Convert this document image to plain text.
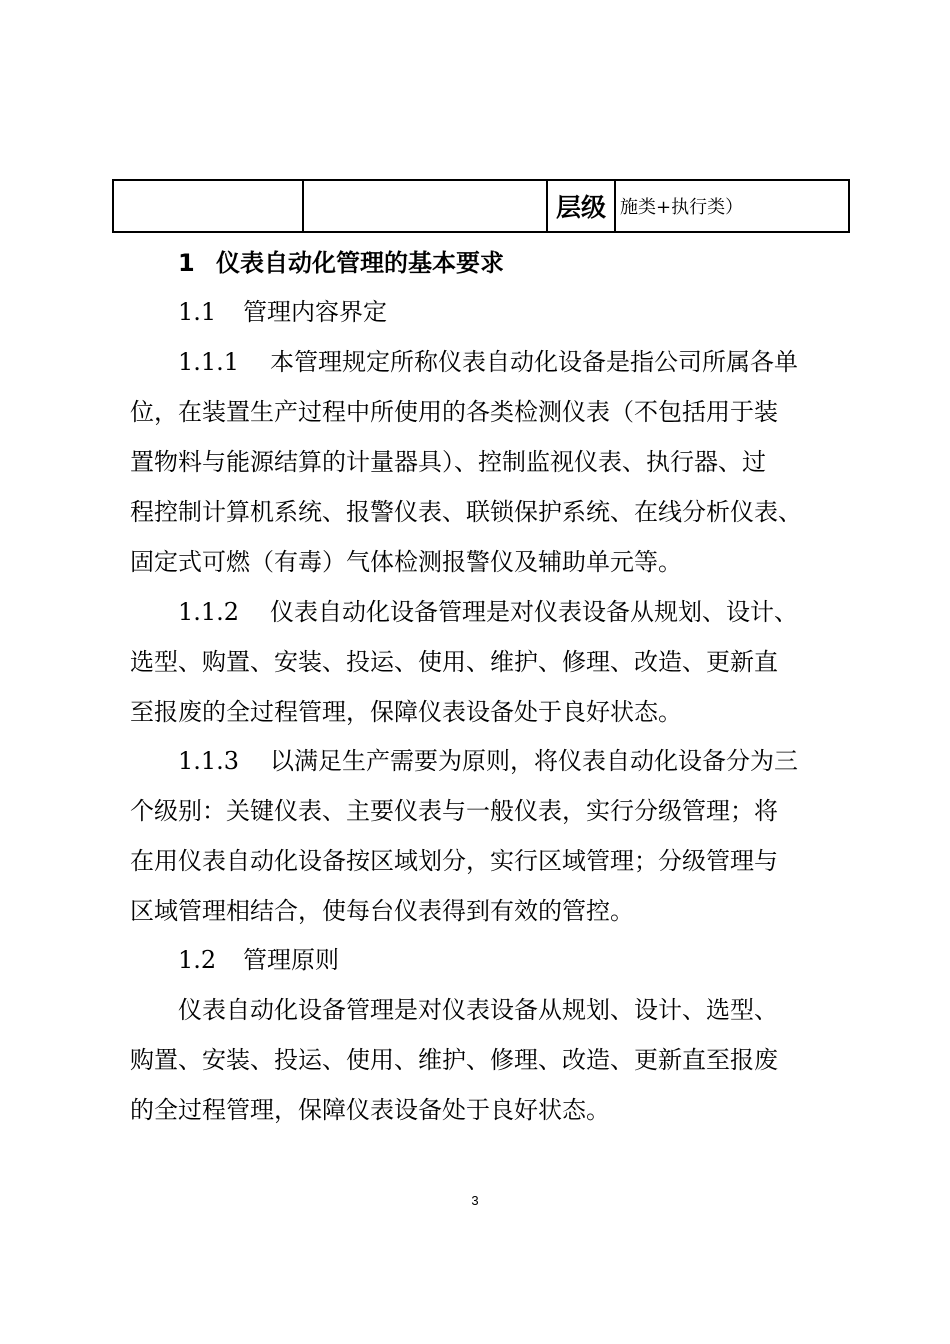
		层级	施类+执行类）
1 仪表自动化管理的基本要求
1.1 管理内容界定
1.1.1 本管理规定所称仪表自动化设备是指公司所属各单
位，在装置生产过程中所使用的各类检测仪表（不包括用于装
置物料与能源结算的计量器具）、控制监视仪表、执行器、过
程控制计算机系统、报警仪表、联锁保护系统、在线分析仪表、
固定式可燃（有毒）气体检测报警仪及辅助单元等。
1.1.2 仪表自动化设备管理是对仪表设备从规划、设计、
选型、购置、安装、投运、使用、维护、修理、改造、更新直
至报废的全过程管理，保障仪表设备处于良好状态。
1.1.3 以满足生产需要为原则，将仪表自动化设备分为三
个级别：关键仪表、主要仪表与一般仪表，实行分级管理；将
在用仪表自动化设备按区域划分，实行区域管理；分级管理与
区域管理相结合，使每台仪表得到有效的管控。
1.2 管理原则
仪表自动化设备管理是对仪表设备从规划、设计、选型、
购置、安装、投运、使用、维护、修理、改造、更新直至报废
的全过程管理，保障仪表设备处于良好状态。
3
